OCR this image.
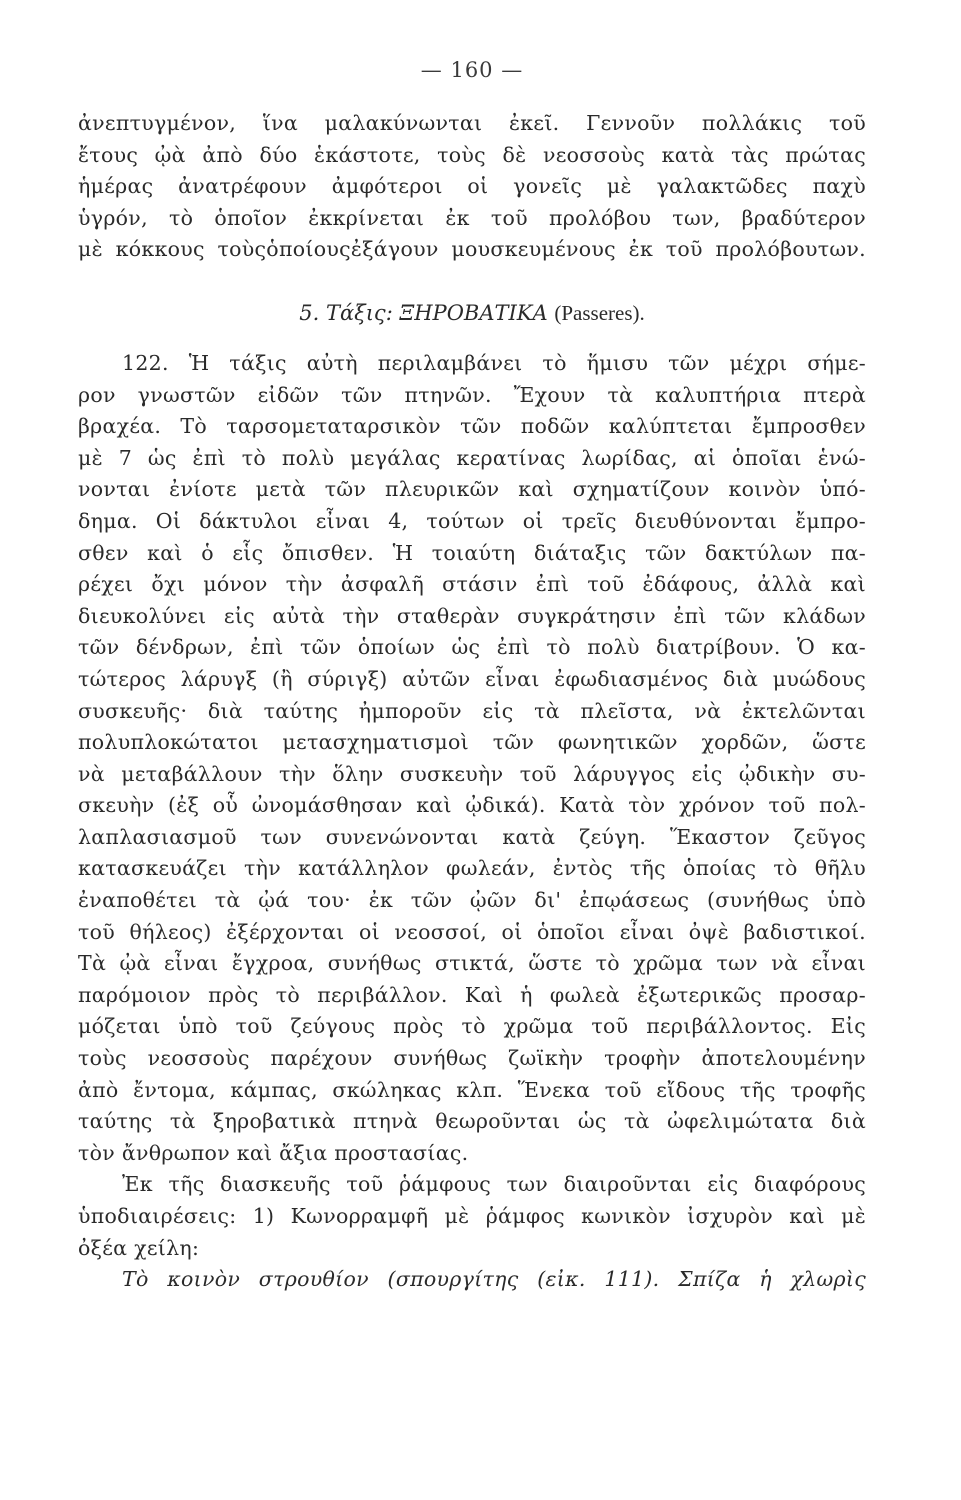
— 160 —
ἀνεπτυγμένον, ἵνα μαλακύνωνται ἐκεῖ. Γεννοῦν πολλάκις τοῦ
ἔτους ᾠὰ ἀπὸ δύο ἑκάστοτε, τοὺς δὲ νεοσσοὺς κατὰ τὰς πρώτας
ἡμέρας ἀνατρέφουν ἀμφότεροι οἱ γονεῖς μὲ γαλακτῶδες παχὺ
ὑγρόν, τὸ ὁποῖον ἐκκρίνεται ἐκ τοῦ προλόβου των, βραδύτερον
μὲ κόκκους τοὺςὁποίουςἐξάγουν μουσκευμένους ἐκ τοῦ προλόβουτων.
5. Τάξις: ΞΗΡΟΒΑΤΙΚΑ (Passeres).
122. Ἡ τάξις αὐτὴ περιλαμβάνει τὸ ἥμισυ τῶν μέχρι σήμε-
ρον γνωστῶν εἰδῶν τῶν πτηνῶν. Ἔχουν τὰ καλυπτήρια πτερὰ
βραχέα. Τὸ ταρσομεταταρσικὸν τῶν ποδῶν καλύπτεται ἔμπροσθεν
μὲ 7 ὡς ἐπὶ τὸ πολὺ μεγάλας κερατίνας λωρίδας, αἱ ὁποῖαι ἑνώ-
νονται ἐνίοτε μετὰ τῶν πλευρικῶν καὶ σχηματίζουν κοινὸν ὑπό-
δημα. Οἱ δάκτυλοι εἶναι 4, τούτων οἱ τρεῖς διευθύνονται ἔμπρο-
σθεν καὶ ὁ εἷς ὄπισθεν. Ἡ τοιαύτη διάταξις τῶν δακτύλων πα-
ρέχει ὄχι μόνον τὴν ἀσφαλῆ στάσιν ἐπὶ τοῦ ἐδάφους, ἀλλὰ καὶ
διευκολύνει εἰς αὐτὰ τὴν σταθερὰν συγκράτησιν ἐπὶ τῶν κλάδων
τῶν δένδρων, ἐπὶ τῶν ὁποίων ὡς ἐπὶ τὸ πολὺ διατρίβουν. Ὁ κα-
τώτερος λάρυγξ (ἢ σύριγξ) αὐτῶν εἶναι ἐφωδιασμένος διὰ μυώδους
συσκευῆς· διὰ ταύτης ἠμποροῦν εἰς τὰ πλεῖστα, νὰ ἐκτελῶνται
πολυπλοκώτατοι μετασχηματισμοὶ τῶν φωνητικῶν χορδῶν, ὥστε
νὰ μεταβάλλουν τὴν ὅλην συσκευὴν τοῦ λάρυγγος εἰς ᾠδικὴν συ-
σκευὴν (ἐξ οὗ ὠνομάσθησαν καὶ ᾠδικά). Κατὰ τὸν χρόνον τοῦ πολ-
λαπλασιασμοῦ των συνενώνονται κατὰ ζεύγη. Ἕκαστον ζεῦγος
κατασκευάζει τὴν κατάλληλον φωλεάν, ἐντὸς τῆς ὁποίας τὸ θῆλυ
ἐναποθέτει τὰ ᾠά του· ἐκ τῶν ᾠῶν δι' ἐπῳάσεως (συνήθως ὑπὸ
τοῦ θήλεος) ἐξέρχονται οἱ νεοσσοί, οἱ ὁποῖοι εἶναι ὀψὲ βαδιστικοί.
Τὰ ᾠὰ εἶναι ἔγχροα, συνήθως στικτά, ὥστε τὸ χρῶμα των νὰ εἶναι
παρόμοιον πρὸς τὸ περιβάλλον. Καὶ ἡ φωλεὰ ἐξωτερικῶς προσαρ-
μόζεται ὑπὸ τοῦ ζεύγους πρὸς τὸ χρῶμα τοῦ περιβάλλοντος. Εἰς
τοὺς νεοσσοὺς παρέχουν συνήθως ζωϊκὴν τροφὴν ἀποτελουμένην
ἀπὸ ἔντομα, κάμπας, σκώληκας κλπ. Ἕνεκα τοῦ εἴδους τῆς τροφῆς
ταύτης τὰ ξηροβατικὰ πτηνὰ θεωροῦνται ὡς τὰ ὠφελιμώτατα διὰ
τὸν ἄνθρωπον καὶ ἄξια προστασίας.
Ἐκ τῆς διασκευῆς τοῦ ῥάμφους των διαιροῦνται εἰς διαφόρους
ὑποδιαιρέσεις: 1) Κωνορραμφῆ μὲ ῥάμφος κωνικὸν ἰσχυρὸν καὶ μὲ
ὀξέα χείλη:
Τὸ κοινὸν στρουθίον (σπουργίτης (εἰκ. 111). Σπίζα ἡ χλωρὶς
